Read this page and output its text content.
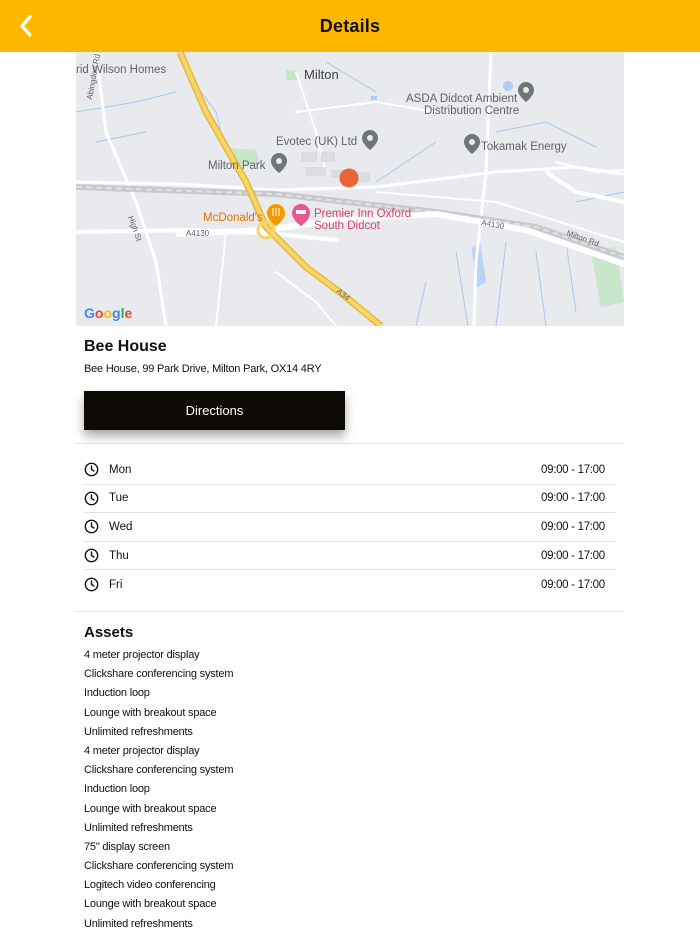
Details
rid Wilson Homes	Milton
ASDA Didcot Ambient
Distribution Centre
Evotec (UK) Ltd	Tokamak Energy
Milton Park
McDonald's	Premier Inn Oxford
South Didcot
Abingdon Rd
High St	A4130
A4130
Milton Rd
A34
Google
Bee House
Bee House, 99 Park Drive, Milton Park, OX14 4RY
Directions
Mon	09:00 - 17:00
Tue	09:00 - 17:00
Wed	09:00 - 17:00
Thu	09:00 - 17:00
Fri	09:00 - 17:00
Assets
4 meter projector display
Clickshare conferencing system
Induction loop
Lounge with breakout space
Unlimited refreshments
4 meter projector display
Clickshare conferencing system
Induction loop
Lounge with breakout space
Unlimited refreshments
75" display screen
Clickshare conferencing system
Logitech video conferencing
Lounge with breakout space
Unlimited refreshments
